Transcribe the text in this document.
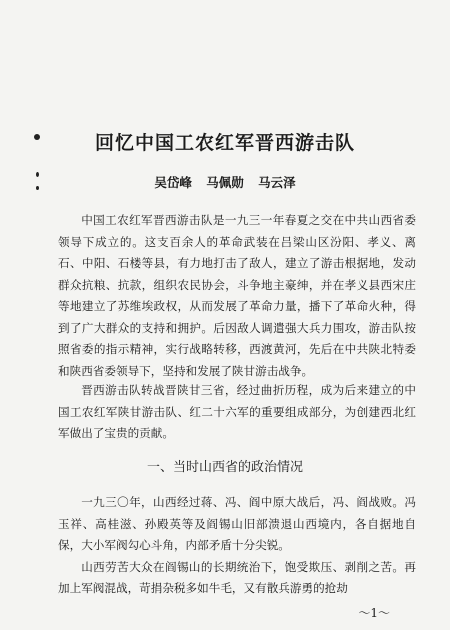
回忆中国工农红军晋西游击队
吴岱峰 马佩勋 马云泽

中国工农红军晋西游击队是一九三一年春夏之交在中共山西省委领导下成立的。这支百余人的革命武装在吕梁山区汾阳、孝义、离石、中阳、石楼等县，有力地打击了敌人，建立了游击根据地，发动群众抗粮、抗款，组织农民协会，斗争地主豪绅，并在孝义县西宋庄等地建立了苏维埃政权，从而发展了革命力量，播下了革命火种，得到了广大群众的支持和拥护。后因敌人调遣强大兵力围攻，游击队按照省委的指示精神，实行战略转移，西渡黄河，先后在中共陕北特委和陕西省委领导下，坚持和发展了陕甘游击战争。

晋西游击队转战晋陕甘三省，经过曲折历程，成为后来建立的中国工农红军陕甘游击队、红二十六军的重要组成部分，为创建西北红军做出了宝贵的贡献。

一、当时山西省的政治情况

一九三〇年，山西经过蒋、冯、阎中原大战后，冯、阎战败。冯玉祥、高桂滋、孙殿英等及阎锡山旧部溃退山西境内，各自据地自保，大小军阀勾心斗角，内部矛盾十分尖锐。

山西劳苦大众在阎锡山的长期统治下，饱受欺压、剥削之苦。再加上军阀混战，苛捐杂税多如牛毛，又有散兵游勇的抢劫

～1～
